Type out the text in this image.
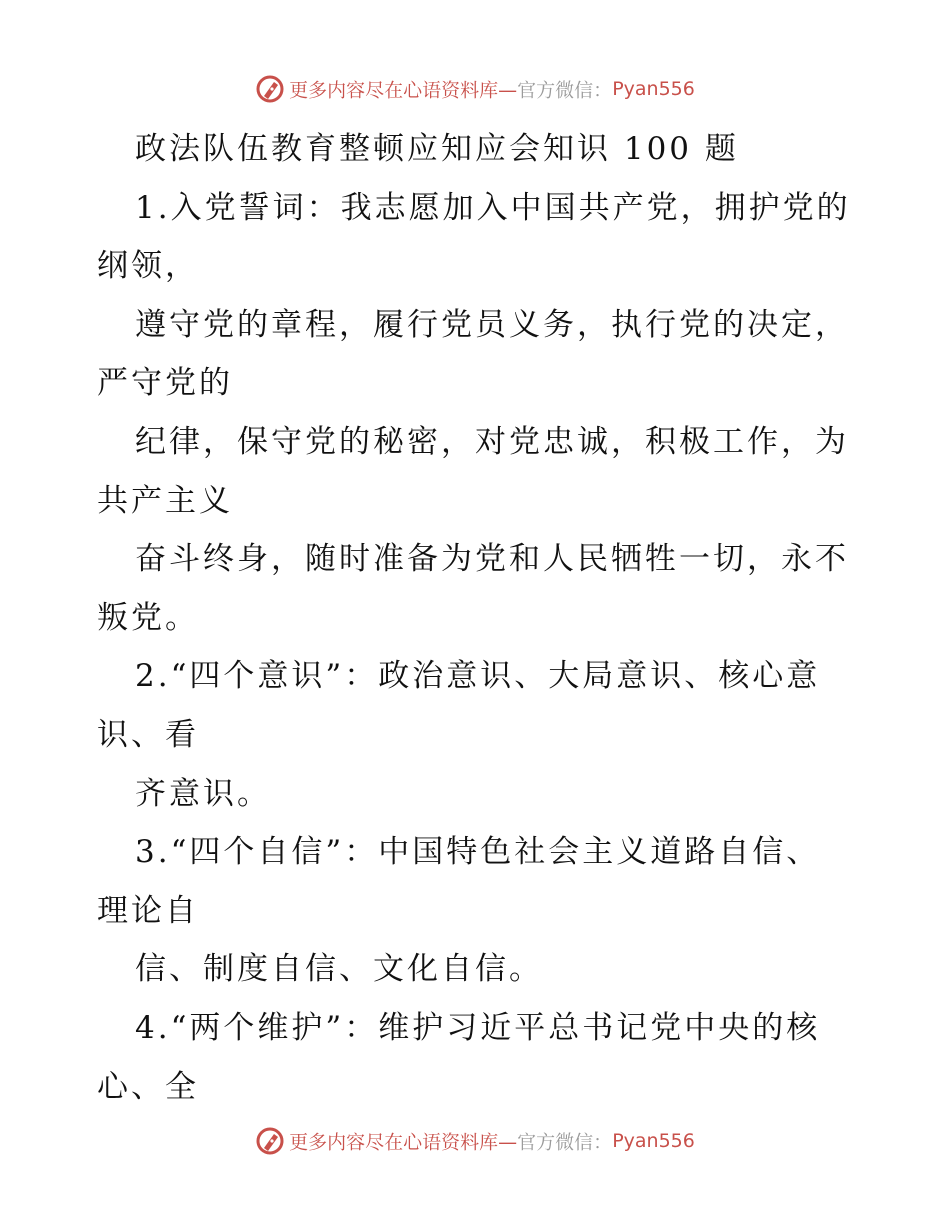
更多内容尽在心语资料库—官方微信：Pyan556
政法队伍教育整顿应知应会知识 100 题
1.入党誓词：我志愿加入中国共产党，拥护党的
纲领，
遵守党的章程，履行党员义务，执行党的决定，
严守党的
纪律，保守党的秘密，对党忠诚，积极工作，为
共产主义
奋斗终身，随时准备为党和人民牺牲一切，永不
叛党。
2.“四个意识”：政治意识、大局意识、核心意
识、看
齐意识。
3.“四个自信”：中国特色社会主义道路自信、
理论自
信、制度自信、文化自信。
4.“两个维护”：维护习近平总书记党中央的核
心、全
更多内容尽在心语资料库—官方微信：Pyan556
